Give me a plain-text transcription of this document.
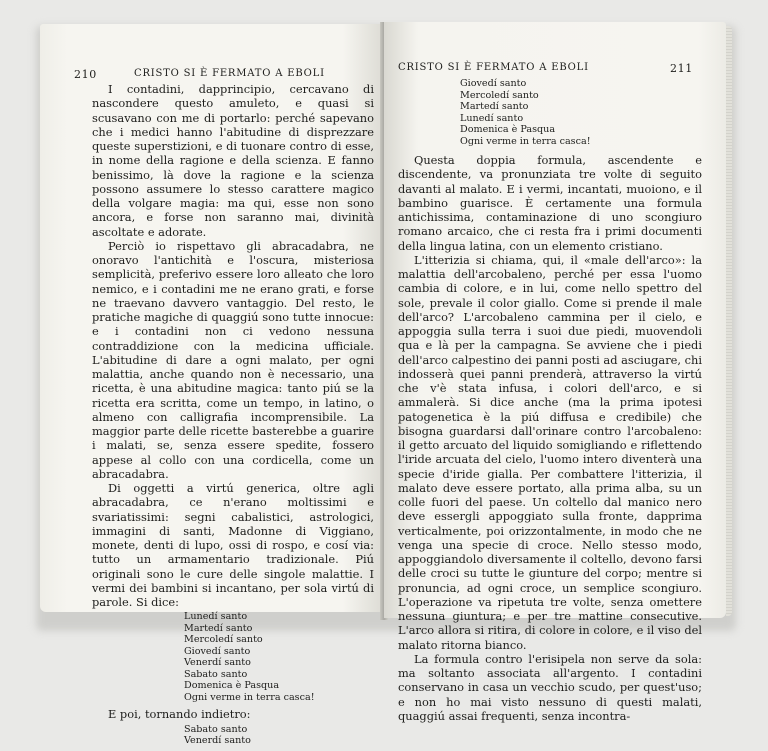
210	CRISTO SI È FERMATO A EBOLI

I contadini, dapprincipio, cercavano di nascondere questo amuleto, e quasi si scusavano con me di portarlo: perché sapevano che i medici hanno l'abitudine di disprezzare queste superstizioni, e di tuonare contro di esse, in nome della ragione e della scienza. E fanno benissimo, là dove la ragione e la scienza possono assumere lo stesso carattere magico della volgare magia: ma qui, esse non sono ancora, e forse non saranno mai, divinità ascoltate e adorate.

Perciò io rispettavo gli abracadabra, ne onoravo l'antichità e l'oscura, misteriosa semplicità, preferivo essere loro alleato che loro nemico, e i contadini me ne erano grati, e forse ne traevano davvero vantaggio. Del resto, le pratiche magiche di quaggiú sono tutte innocue: e i contadini non ci vedono nessuna contraddizione con la medicina ufficiale. L'abitudine di dare a ogni malato, per ogni malattia, anche quando non è necessario, una ricetta, è una abitudine magica: tanto piú se la ricetta era scritta, come un tempo, in latino, o almeno con calligrafia incomprensibile. La maggior parte delle ricette basterebbe a guarire i malati, se, senza essere spedite, fossero appese al collo con una cordicella, come un abracadabra.

Di oggetti a virtú generica, oltre agli abracadabra, ce n'erano moltissimi e svariatissimi: segni cabalistici, astrologici, immagini di santi, Madonne di Viggiano, monete, denti di lupo, ossi di rospo, e cosí via: tutto un armamentario tradizionale. Piú originali sono le cure delle singole malattie. I vermi dei bambini si incantano, per sola virtú di parole. Si dice:

Lunedí santo
Martedí santo
Mercoledí santo
Giovedí santo
Venerdí santo
Sabato santo
Domenica è Pasqua
Ogni verme in terra casca!

E poi, tornando indietro:

Sabato santo
Venerdí santo
CRISTO SI È FERMATO A EBOLI	211
Giovedí santo
Mercoledí santo
Martedí santo
Lunedí santo
Domenica è Pasqua
Ogni verme in terra casca!

Questa doppia formula, ascendente e discendente, va pronunziata tre volte di seguito davanti al malato. E i vermi, incantati, muoiono, e il bambino guarisce. È certamente una formula antichissima, contaminazione di uno scongiuro romano arcaico, che ci resta fra i primi documenti della lingua latina, con un elemento cristiano.

L'itterizia si chiama, qui, il «male dell'arco»: la malattia dell'arcobaleno, perché per essa l'uomo cambia di colore, e in lui, come nello spettro del sole, prevale il color giallo. Come si prende il male dell'arco? L'arcobaleno cammina per il cielo, e appoggia sulla terra i suoi due piedi, muovendoli qua e là per la campagna. Se avviene che i piedi dell'arco calpestino dei panni posti ad asciugare, chi indosserà quei panni prenderà, attraverso la virtú che v'è stata infusa, i colori dell'arco, e si ammalerà. Si dice anche (ma la prima ipotesi patogenetica è la piú diffusa e credibile) che bisogna guardarsi dall'orinare contro l'arcobaleno: il getto arcuato del liquido somigliando e riflettendo l'iride arcuata del cielo, l'uomo intero diventerà una specie d'iride gialla. Per combattere l'itterizia, il malato deve essere portato, alla prima alba, su un colle fuori del paese. Un coltello dal manico nero deve essergli appoggiato sulla fronte, dapprima verticalmente, poi orizzontalmente, in modo che ne venga una specie di croce. Nello stesso modo, appoggiandolo diversamente il coltello, devono farsi delle croci su tutte le giunture del corpo; mentre si pronuncia, ad ogni croce, un semplice scongiuro. L'operazione va ripetuta tre volte, senza omettere nessuna giuntura; e per tre mattine consecutive. L'arco allora si ritira, di colore in colore, e il viso del malato ritorna bianco.

La formula contro l'erisipela non serve da sola: ma soltanto associata all'argento. I contadini conservano in casa un vecchio scudo, per quest'uso; e non ho mai visto nessuno di questi malati, quaggiú assai frequenti, senza incontra-
